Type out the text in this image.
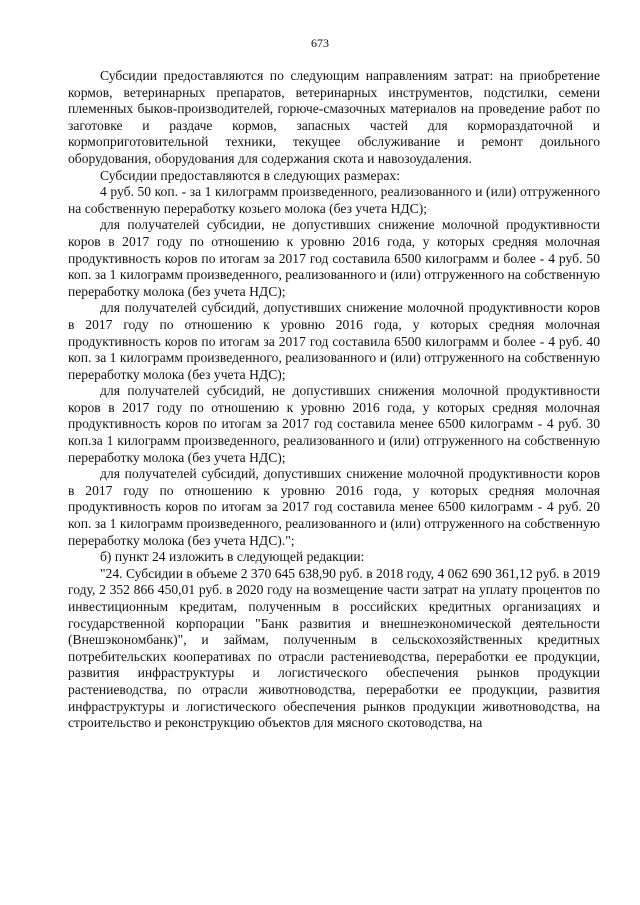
673

Субсидии предоставляются по следующим направлениям затрат: на приобретение кормов, ветеринарных препаратов, ветеринарных инструментов, подстилки, семени племенных быков-производителей, горюче-смазочных материалов на проведение работ по заготовке и раздаче кормов, запасных частей для кормораздаточной и кормоприготовительной техники, текущее обслуживание и ремонт доильного оборудования, оборудования для содержания скота и навозоудаления.

Субсидии предоставляются в следующих размерах:

4 руб. 50 коп. - за 1 килограмм произведенного, реализованного и (или) отгруженного на собственную переработку козьего молока (без учета НДС);

для получателей субсидии, не допустивших снижение молочной продуктивности коров в 2017 году по отношению к уровню 2016 года, у которых средняя молочная продуктивность коров по итогам за 2017 год составила 6500 килограмм и более - 4 руб. 50 коп. за 1 килограмм произведенного, реализованного и (или) отгруженного на собственную переработку молока (без учета НДС);

для получателей субсидий, допустивших снижение молочной продуктивности коров в 2017 году по отношению к уровню 2016 года, у которых средняя молочная продуктивность коров по итогам за 2017 год составила 6500 килограмм и более - 4 руб. 40 коп. за 1 килограмм произведенного, реализованного и (или) отгруженного на собственную переработку молока (без учета НДС);

для получателей субсидий, не допустивших снижения молочной продуктивности коров в 2017 году по отношению к уровню 2016 года, у которых средняя молочная продуктивность коров по итогам за 2017 год составила менее 6500 килограмм - 4 руб. 30 коп.за 1 килограмм произведенного, реализованного и (или) отгруженного на собственную переработку молока (без учета НДС);

для получателей субсидий, допустивших снижение молочной продуктивности коров в 2017 году по отношению к уровню 2016 года, у которых средняя молочная продуктивность коров по итогам за 2017 год составила менее 6500 килограмм - 4 руб. 20 коп. за 1 килограмм произведенного, реализованного и (или) отгруженного на собственную переработку молока (без учета НДС).";

б) пункт 24 изложить в следующей редакции:

"24. Субсидии в объеме 2 370 645 638,90 руб. в 2018 году, 4 062 690 361,12 руб. в 2019 году, 2 352 866 450,01 руб. в 2020 году на возмещение части затрат на уплату процентов по инвестиционным кредитам, полученным в российских кредитных организациях и государственной корпорации "Банк развития и внешнеэкономической деятельности (Внешэкономбанк)", и займам, полученным в сельскохозяйственных кредитных потребительских кооперативах по отрасли растениеводства, переработки ее продукции, развития инфраструктуры и логистического обеспечения рынков продукции растениеводства, по отрасли животноводства, переработки ее продукции, развития инфраструктуры и логистического обеспечения рынков продукции животноводства, на строительство и реконструкцию объектов для мясного скотоводства, на
